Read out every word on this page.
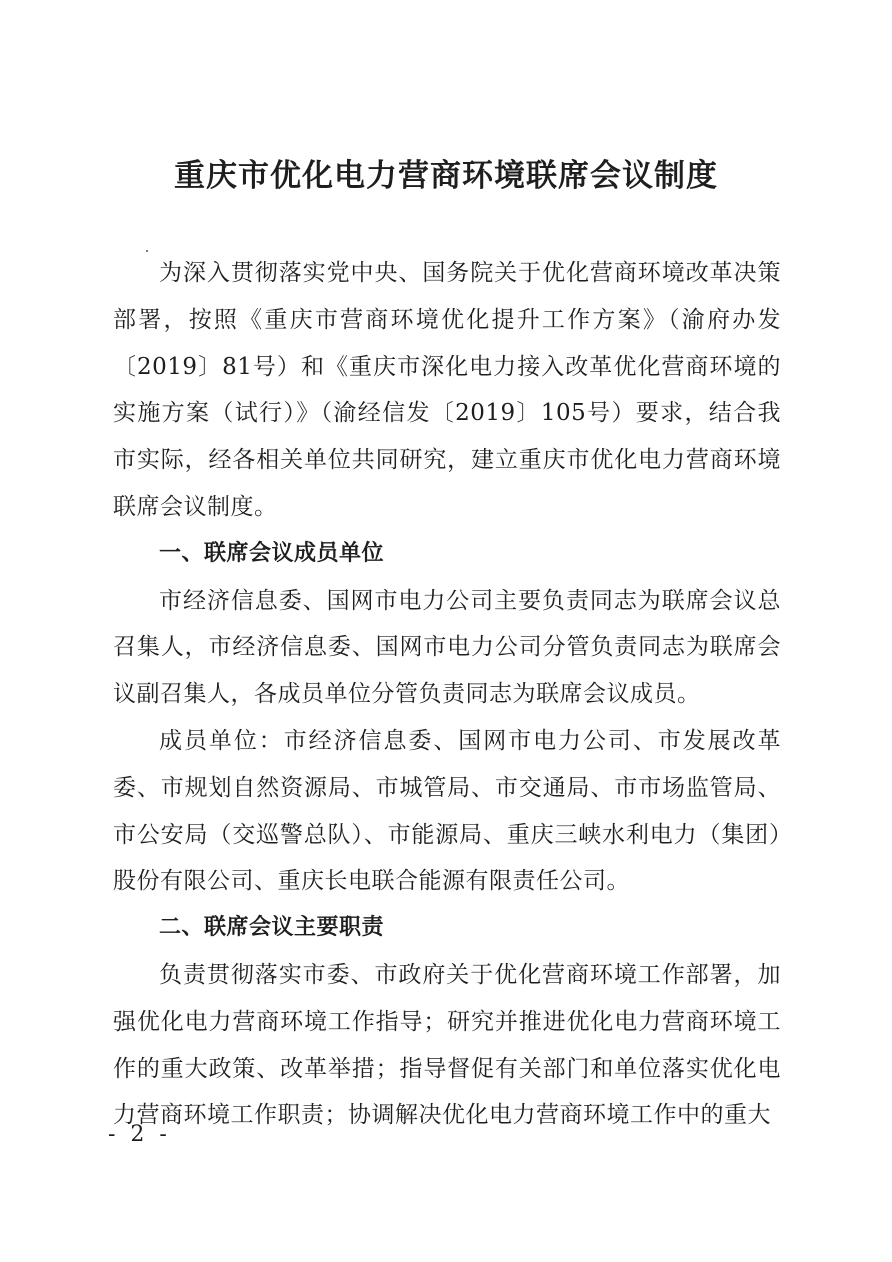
重庆市优化电力营商环境联席会议制度

为深入贯彻落实党中央、国务院关于优化营商环境改革决策部署，按照《重庆市营商环境优化提升工作方案》（渝府办发〔2019〕81号）和《重庆市深化电力接入改革优化营商环境的实施方案（试行）》（渝经信发〔2019〕105号）要求，结合我市实际，经各相关单位共同研究，建立重庆市优化电力营商环境联席会议制度。

一、联席会议成员单位

市经济信息委、国网市电力公司主要负责同志为联席会议总召集人，市经济信息委、国网市电力公司分管负责同志为联席会议副召集人，各成员单位分管负责同志为联席会议成员。

成员单位：市经济信息委、国网市电力公司、市发展改革委、市规划自然资源局、市城管局、市交通局、市市场监管局、市公安局（交巡警总队）、市能源局、重庆三峡水利电力（集团）股份有限公司、重庆长电联合能源有限责任公司。

二、联席会议主要职责

负责贯彻落实市委、市政府关于优化营商环境工作部署，加强优化电力营商环境工作指导；研究并推进优化电力营商环境工作的重大政策、改革举措；指导督促有关部门和单位落实优化电力营商环境工作职责；协调解决优化电力营商环境工作中的重大

- 2 -
